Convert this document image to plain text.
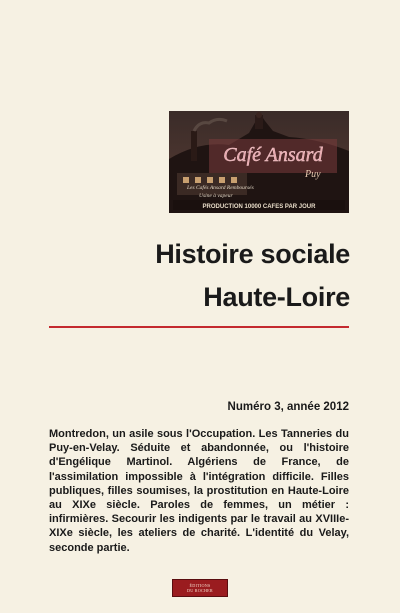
Café Ansard
Puy
Les Cafés Ansard Remboursés
Usine à vapeur
PRODUCTION 10000 CAFES PAR JOUR
Histoire sociale
Haute-Loire
Numéro 3, année 2012

Montredon, un asile sous l'Occupation. Les Tanneries du Puy-en-Velay. Séduite et abandonnée, ou l'histoire d'Engélique Martinol. Algériens de France, de l'assimilation impossible à l'intégration difficile. Filles publiques, filles soumises, la prostitution en Haute-Loire au XIXe siècle. Paroles de femmes, un métier : infirmières. Secourir les indigents par le travail au XVIIIe-XIXe siècle, les ateliers de charité. L'identité du Velay, seconde partie.

ÉDITIONS
DU ROCHER
